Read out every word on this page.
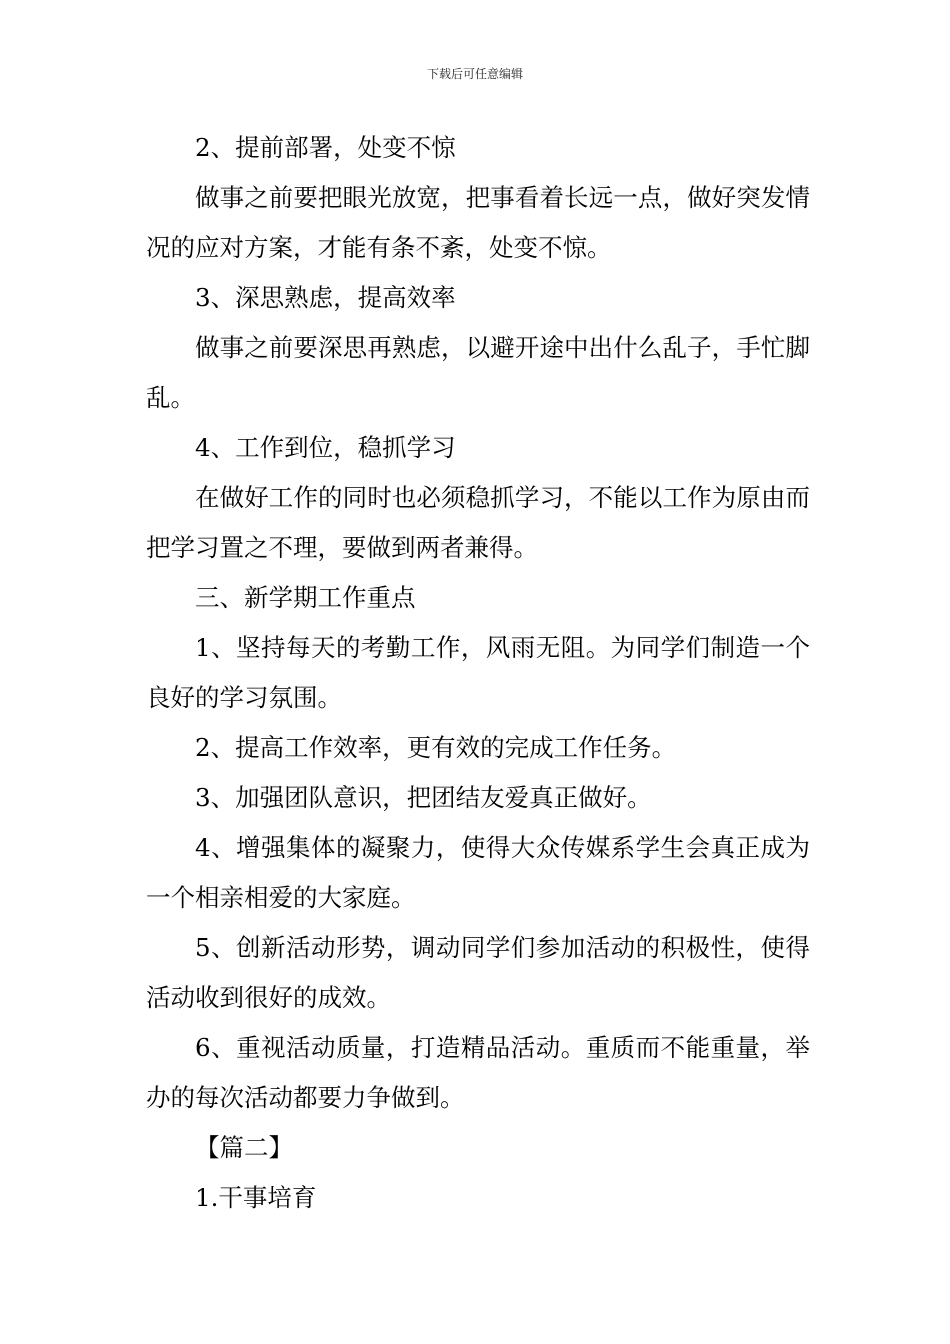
下载后可任意编辑

2、提前部署，处变不惊

做事之前要把眼光放宽，把事看着长远一点，做好突发情况的应对方案，才能有条不紊，处变不惊。

3、深思熟虑，提高效率

做事之前要深思再熟虑，以避开途中出什么乱子，手忙脚乱。

4、工作到位，稳抓学习

在做好工作的同时也必须稳抓学习，不能以工作为原由而把学习置之不理，要做到两者兼得。

三、新学期工作重点

1、坚持每天的考勤工作，风雨无阻。为同学们制造一个良好的学习氛围。

2、提高工作效率，更有效的完成工作任务。

3、加强团队意识，把团结友爱真正做好。

4、增强集体的凝聚力，使得大众传媒系学生会真正成为一个相亲相爱的大家庭。

5、创新活动形势，调动同学们参加活动的积极性，使得活动收到很好的成效。

6、重视活动质量，打造精品活动。重质而不能重量，举办的每次活动都要力争做到。

【篇二】

1.干事培育
